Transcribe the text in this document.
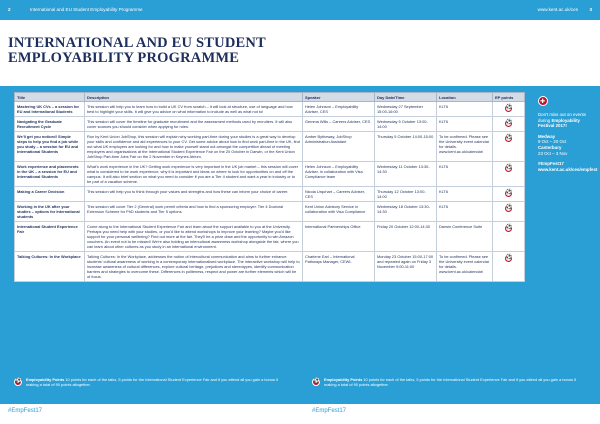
2	International and EU Student Employability Programme	www.kent.ac.uk/ces 3
INTERNATIONAL AND EU STUDENT EMPLOYABILITY PROGRAMME
Title	Description	Speaker	Day Date/Time	Location	EP points
Mastering UK CVs – a session for EU and International Students	This session will help you to learn how to build a UK CV from scratch – it will look at structure, use of language and how best to highlight your skills. It will give you advice on what information to include as well as what not to!	Helen Johnson – Employability Adviser, CES	Wednesday 27 September 15:00-16:00	KLT6	⚽
Navigating the Graduate Recruitment Cycle	This session will cover the timeline for graduate recruitment and the assessment methods used by recruiters. It will also cover sources you should consider when applying for roles.	Gemma Wills – Careers Adviser, CES	Wednesday 5 October 13:00-14:00	KLT6	⚽
We'll get you noticed! Simple steps to help you find a job while you study – a session for EU and International Students	Run by Kent Union JobShop, this session will explain why working part-time during your studies is a great way to develop your skills and confidence and aid experiences to your CV. Get some advice about how to find work part-time in the UK, find out what UK employers are looking for and how to make yourself stand out amongst the competition ahead of meeting employers and organisations at the International Student Experience Fair on the 20 October in Darwin, or the Kent Union JobShop Part-time Jobs Fair on the 2 November in Keynes Atrium.	Amber Bytheway, JobShop Administration Assistant	Thursday 5 October 14:00-15:00	To be confirmed. Please see the University event calendar for details. www.kent.ac.uk/calendar/	⚽
Work experience and placements in the UK – a session for EU and International Students	What's work experience in the UK? Getting work experience is very important in the UK job market – this session will cover what is considered to be work experience, why it is important and ideas on where to look for opportunities on and off the campus. It will also brief section on what you need to consider if you are a Tier 4 student and want a year in industry or to be part of a vacation scheme.	Helen Johnson – Employability Adviser, in collaboration with Visa Compliance team	Wednesday 11 October 13:30-14:30	KLT6	⚽
Making a Career Decision	This session will help you to think through your values and strengths and how these can inform your choice of career.	Nicola Urquhart – Careers Adviser, CES	Thursday 12 October 13:00-14:00	KLT6	⚽
Working in the UK after your studies – options for International students	This session will cover Tier 2 (General) work permit criteria and how to find a sponsoring employer. Tier 4 Doctoral Extension Scheme for PhD students and Tier 5 options.	Kent Union Advisory Service in collaboration with Visa Compliance	Wednesday 18 October 13:30-14:30	KLT6	⚽
International Student Experience Fair	Come along to the International Student Experience Fair and learn about the support available to you at the University. Perhaps you need help with your studies, or you'd like to attend workshops to improve your learning? Maybe you'd like support for your personal wellbeing? Find out more at the fair. They'll be a prize draw and the opportunity to win Amazon vouchers. An event not to be missed! We're also holding an intercultural awareness workshop alongside the fair, where you can learn about other cultures as you study in an international environment.	International Partnerships Office	Friday 20 October 12:00-14:30	Darwin Conference Suite	⚽
Talking Cultures: In the Workplace	Talking Cultures: In the Workplace, addresses the notion of intercultural communication and aims to further enhance students' cultural awareness of working in a contemporary internationalised workplace. The interactive workshop will help to increase awareness of cultural differences, explore cultural heritage, prejudices and stereotypes, identify communication barriers and strategies to overcome these. Differences in politeness, respect and power are further elements which will be of focus.	Charlene Earl – International Pathways Manager, CEWL	Monday 23 October 15:00-17:00 and repeated again on Friday 3 November 9:00-11:00	To be confirmed. Please see the University event calendar for details. www.kent.ac.uk/calendar/	⚽
✚

Don't miss out on events during Employability Festival 2017!

Medway
9 Oct – 20 Oct
Canterbury
23 Oct – 3 Nov

#EmpFest17
www.kent.ac.uk/ces/empfest

⚽
Employability Points 10 points for each of the talks, 5 points for the International Student Experience Fair and if you attend all you gain a bonus 5 making a total of 90 points altogether.
⚽
Employability Points 10 points for each of the talks, 5 points for the International Student Experience Fair and if you attend all you gain a bonus 5 making a total of 90 points altogether.
#EmpFest17	#EmpFest17
